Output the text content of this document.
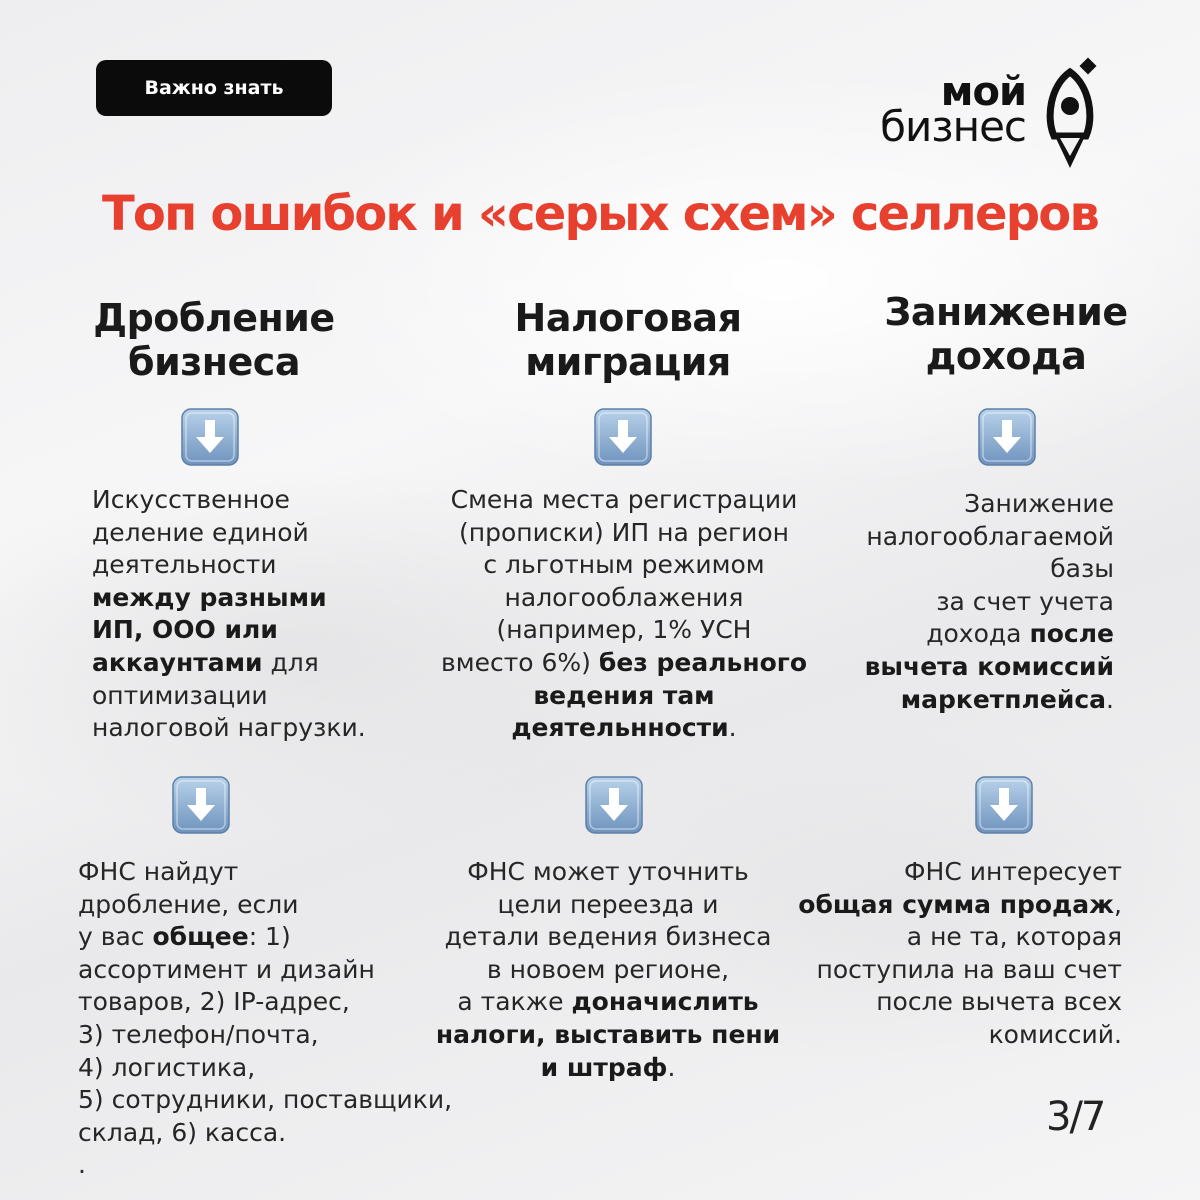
Важно знать	мой
бизнес
Топ ошибок и «серых схем» селлеров
Дробление
бизнеса
Искусственное
деление единой
деятельности
между разными
ИП, ООО или
аккаунтами для
оптимизации
налоговой нагрузки.
ФНС найдут
дробление, если
у вас общее: 1)
ассортимент и дизайн
товаров, 2) IP-адрес,
3) телефон/почта,
4) логистика,
5) сотрудники, поставщики,
склад, 6) касса.
.
Налоговая
миграция
Смена места регистрации
(прописки) ИП на регион
с льготным режимом
налогооблажения
(например, 1% УСН
вместо 6%) без реального
ведения там
деятельнности.
ФНС может уточнить
цели переезда и
детали ведения бизнеса
в новоем регионе,
а также доначислить
налоги, выставить пени
и штраф.
Занижение
дохода
Занижение
налогооблагаемой
базы
за счет учета
дохода после
вычета комиссий
маркетплейса.
ФНС интересует
общая сумма продаж,
а не та, которая
поступила на ваш счет
после вычета всех
комиссий.
3/7
